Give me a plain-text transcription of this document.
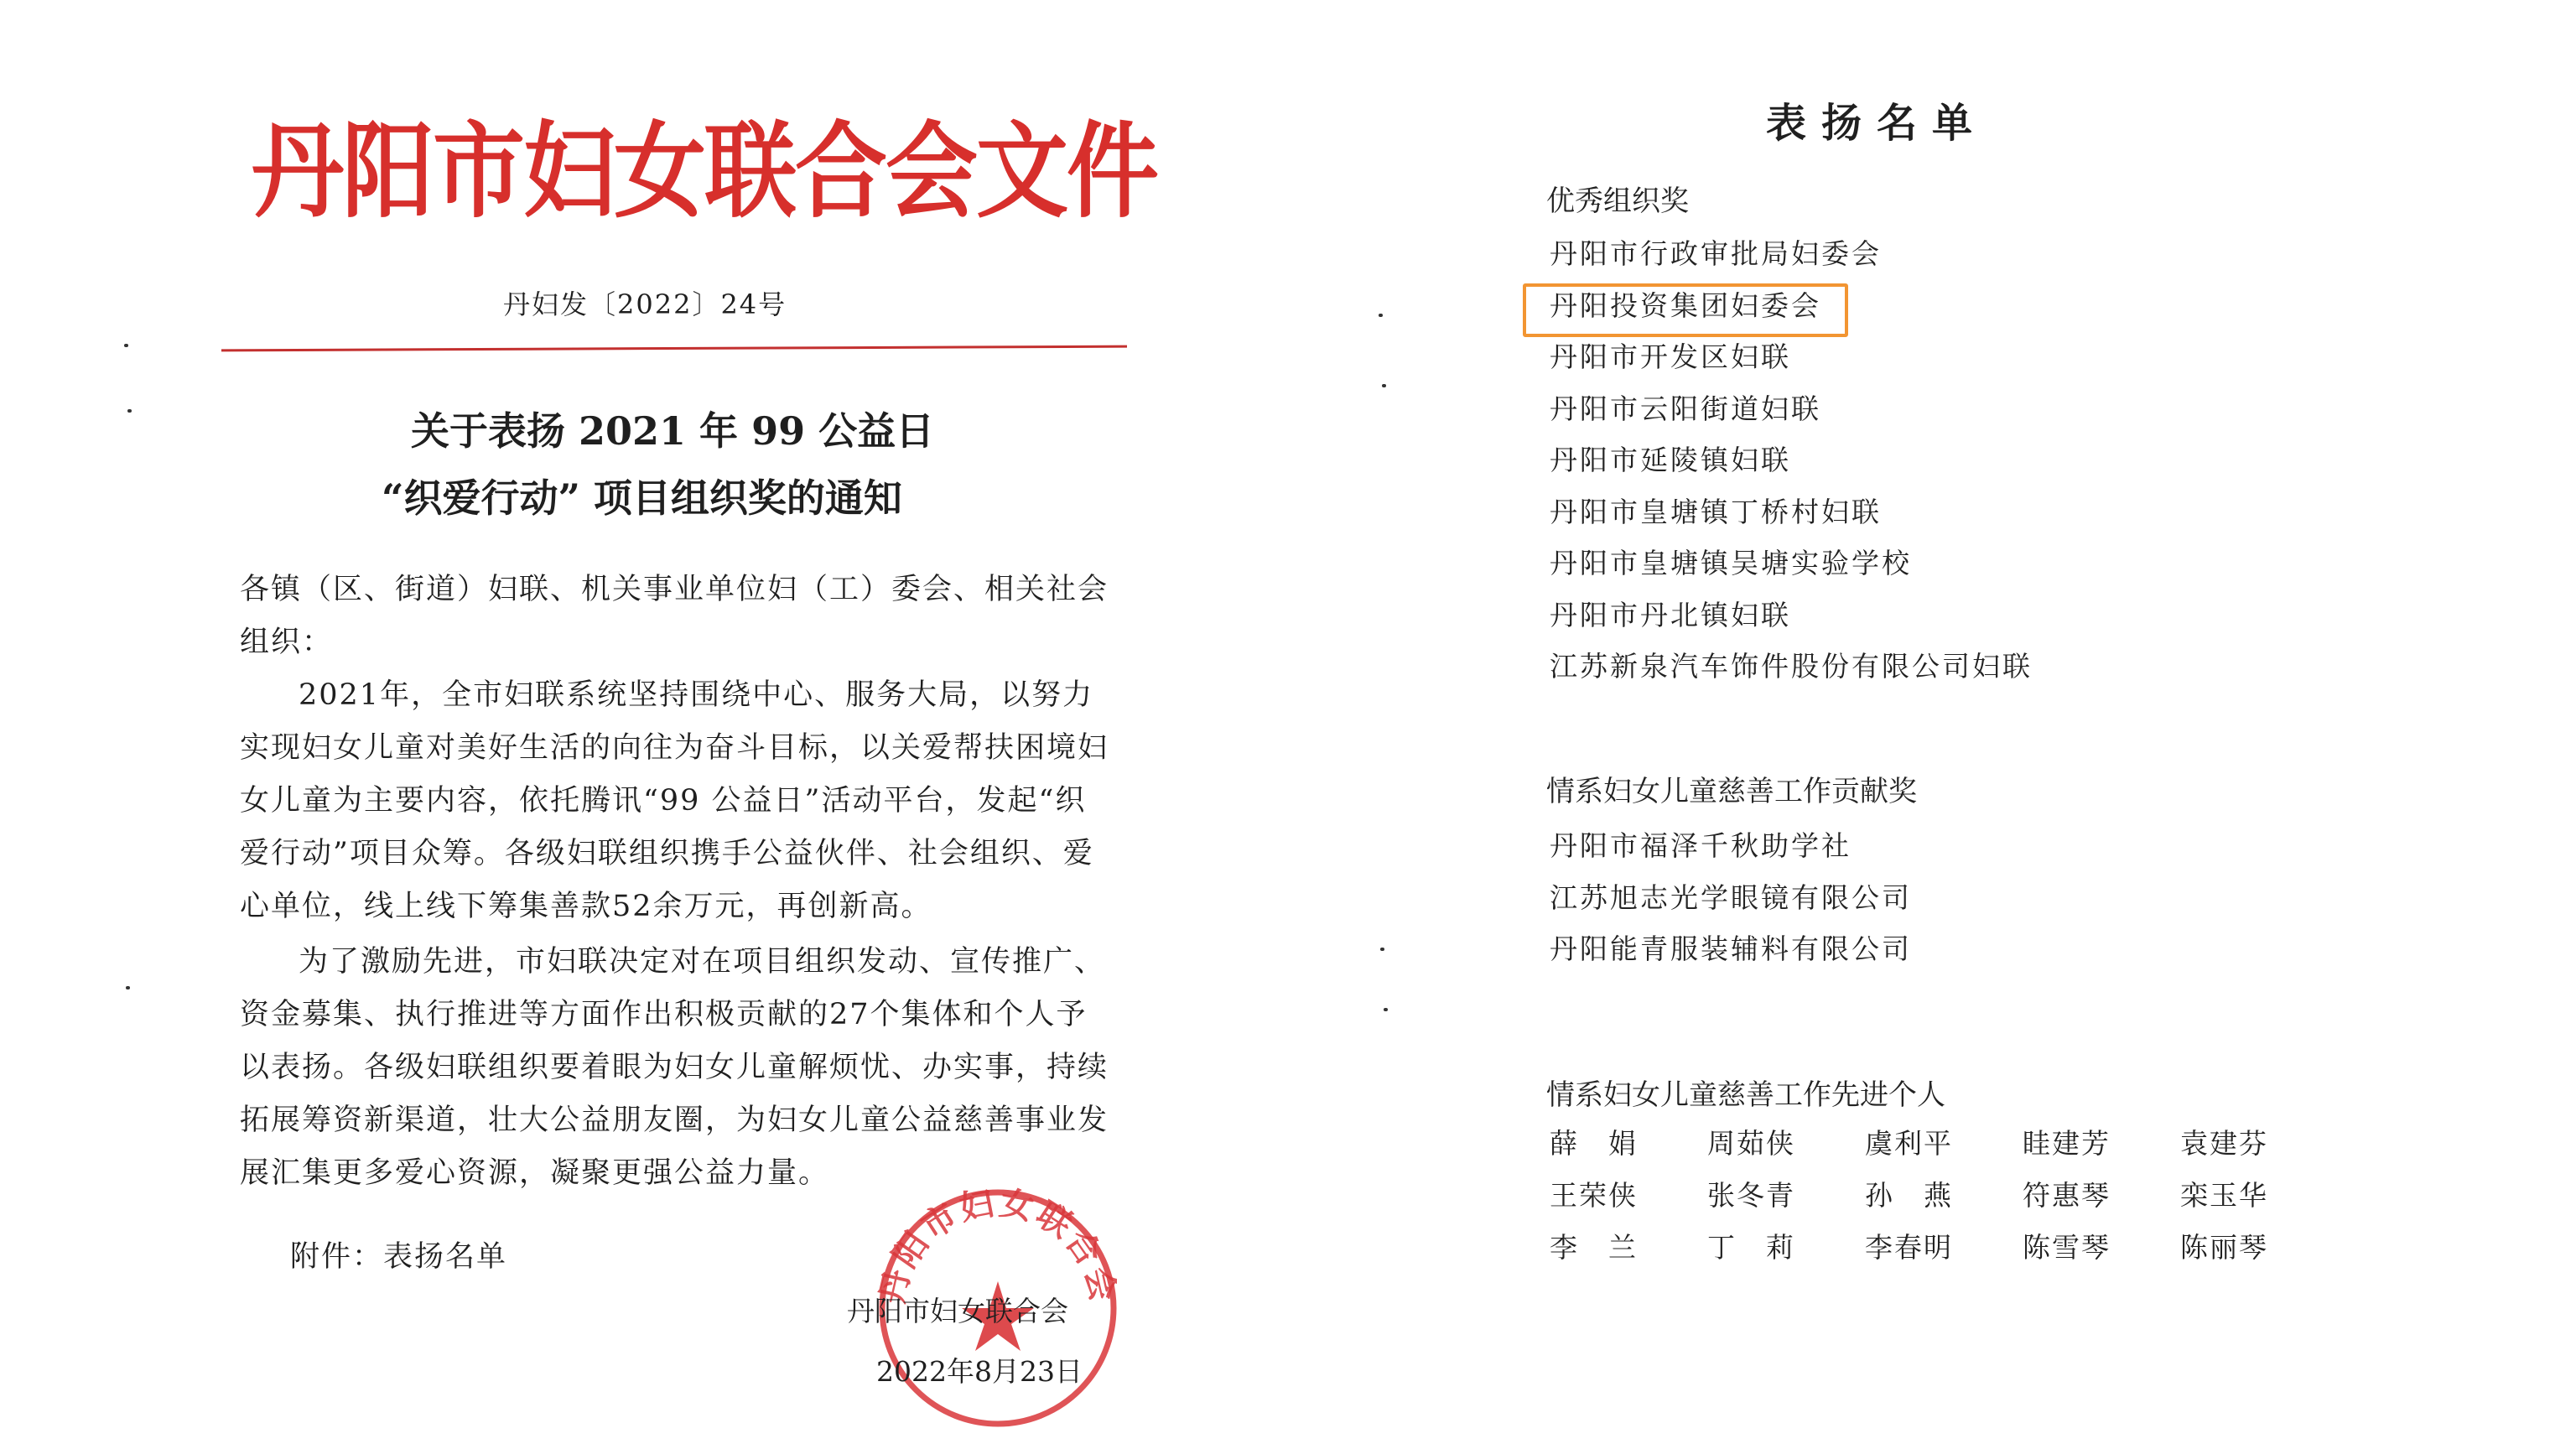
丹阳市妇女联合会文件
丹妇发〔2022〕24号
关于表扬 2021 年 99 公益日
“织爱行动” 项目组织奖的通知
各镇（区、街道）妇联、机关事业单位妇（工）委会、相关社会组织：
2021年，全市妇联系统坚持围绕中心、服务大局，以努力实现妇女儿童对美好生活的向往为奋斗目标，以关爱帮扶困境妇女儿童为主要内容，依托腾讯“99 公益日”活动平台，发起“织爱行动”项目众筹。各级妇联组织携手公益伙伴、社会组织、爱心单位，线上线下筹集善款52余万元，再创新高。
为了激励先进，市妇联决定对在项目组织发动、宣传推广、资金募集、执行推进等方面作出积极贡献的27个集体和个人予以表扬。各级妇联组织要着眼为妇女儿童解烦忧、办实事，持续拓展筹资新渠道，壮大公益朋友圈，为妇女儿童公益慈善事业发展汇集更多爱心资源，凝聚更强公益力量。
附件：表扬名单
丹阳市妇女联合会
丹阳市妇女联合会
2022年8月23日
表扬名单
优秀组织奖
丹阳市行政审批局妇委会
丹阳投资集团妇委会
丹阳市开发区妇联
丹阳市云阳街道妇联
丹阳市延陵镇妇联
丹阳市皇塘镇丁桥村妇联
丹阳市皇塘镇吴塘实验学校
丹阳市丹北镇妇联
江苏新泉汽车饰件股份有限公司妇联
情系妇女儿童慈善工作贡献奖
丹阳市福泽千秋助学社
江苏旭志光学眼镜有限公司
丹阳能青服装辅料有限公司
情系妇女儿童慈善工作先进个人
薛　娟	周茹侠	虞利平	眭建芳	袁建芬
王荣侠	张冬青	孙　燕	符惠琴	栾玉华
李　兰	丁　莉	李春明	陈雪琴	陈丽琴
